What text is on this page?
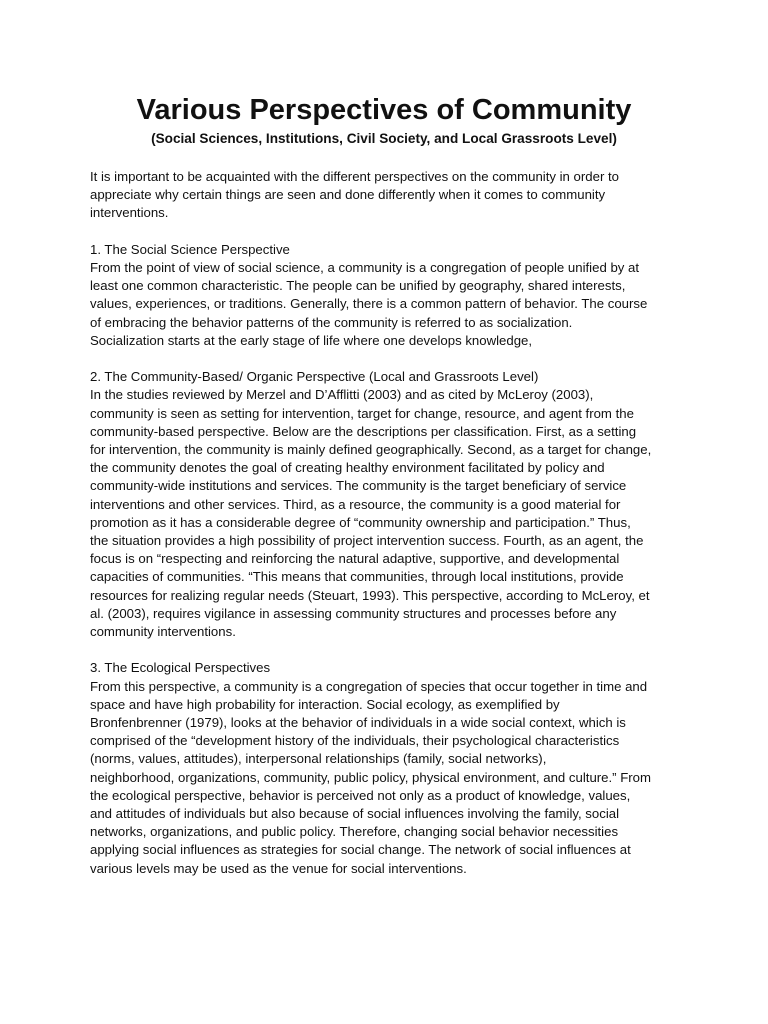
Various Perspectives of Community
(Social Sciences, Institutions, Civil Society, and Local Grassroots Level)

It is important to be acquainted with the different perspectives on the community in order to
appreciate why certain things are seen and done differently when it comes to community
interventions.

1. The Social Science Perspective
From the point of view of social science, a community is a congregation of people unified by at
least one common characteristic. The people can be unified by geography, shared interests,
values, experiences, or traditions. Generally, there is a common pattern of behavior. The course
of embracing the behavior patterns of the community is referred to as socialization.
Socialization starts at the early stage of life where one develops knowledge,

2. The Community-Based/ Organic Perspective (Local and Grassroots Level)
In the studies reviewed by Merzel and D’Afflitti (2003) and as cited by McLeroy (2003),
community is seen as setting for intervention, target for change, resource, and agent from the
community-based perspective. Below are the descriptions per classification. First, as a setting
for intervention, the community is mainly defined geographically. Second, as a target for change,
the community denotes the goal of creating healthy environment facilitated by policy and
community-wide institutions and services. The community is the target beneficiary of service
interventions and other services. Third, as a resource, the community is a good material for
promotion as it has a considerable degree of “community ownership and participation.” Thus,
the situation provides a high possibility of project intervention success. Fourth, as an agent, the
focus is on “respecting and reinforcing the natural adaptive, supportive, and developmental
capacities of communities. “This means that communities, through local institutions, provide
resources for realizing regular needs (Steuart, 1993). This perspective, according to McLeroy, et
al. (2003), requires vigilance in assessing community structures and processes before any
community interventions.

3. The Ecological Perspectives
From this perspective, a community is a congregation of species that occur together in time and
space and have high probability for interaction. Social ecology, as exemplified by
Bronfenbrenner (1979), looks at the behavior of individuals in a wide social context, which is
comprised of the “development history of the individuals, their psychological characteristics
(norms, values, attitudes), interpersonal relationships (family, social networks),
neighborhood, organizations, community, public policy, physical environment, and culture.” From
the ecological perspective, behavior is perceived not only as a product of knowledge, values,
and attitudes of individuals but also because of social influences involving the family, social
networks, organizations, and public policy. Therefore, changing social behavior necessities
applying social influences as strategies for social change. The network of social influences at
various levels may be used as the venue for social interventions.
